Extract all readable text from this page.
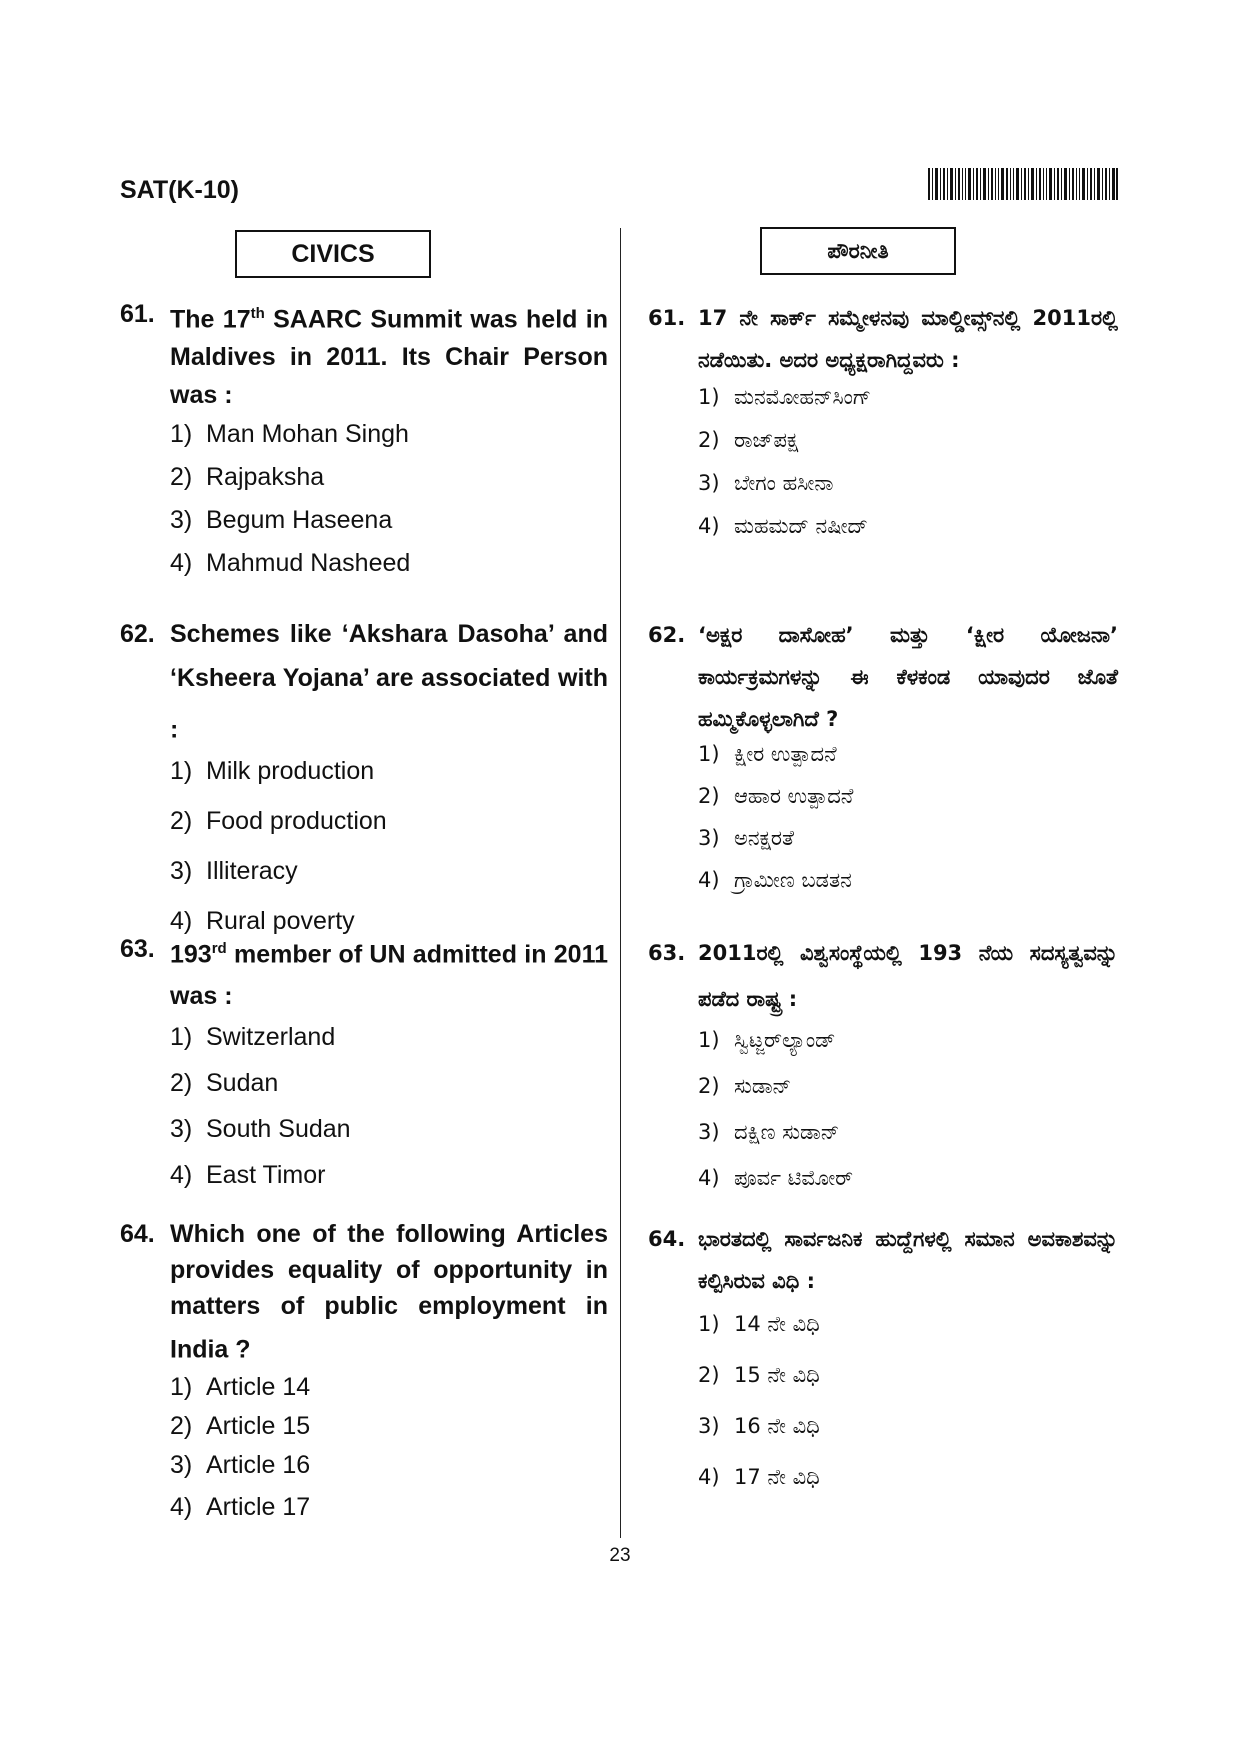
SAT(K-10)
CIVICS	ಪೌರನೀತಿ
61. The 17th SAARC Summit was held in Maldives in 2011. Its Chair Person was :
1) Man Mohan Singh
2) Rajpaksha
3) Begum Haseena
4) Mahmud Nasheed
62. Schemes like ‘Akshara Dasoha’ and ‘Ksheera Yojana’ are associated with :
1) Milk production
2) Food production
3) Illiteracy
4) Rural poverty
63. 193rd member of UN admitted in 2011 was :
1) Switzerland
2) Sudan
3) South Sudan
4) East Timor
64. Which one of the following Articles provides equality of opportunity in matters of public employment in India ?
1) Article 14
2) Article 15
3) Article 16
4) Article 17
61. 17 ನೇ ಸಾರ್ಕ್ ಸಮ್ಮೇಳನವು ಮಾಲ್ಡೀವ್ಸ್‌ನಲ್ಲಿ 2011ರಲ್ಲಿ ನಡೆಯಿತು. ಅದರ ಅಧ್ಯಕ್ಷರಾಗಿದ್ದವರು :
1) ಮನಮೋಹನ್‌ಸಿಂಗ್
2) ರಾಜ್‌ಪಕ್ಷ
3) ಬೇಗಂ ಹಸೀನಾ
4) ಮಹಮದ್ ನಷೀದ್
62. ‘ಅಕ್ಷರ ದಾಸೋಹ’ ಮತ್ತು ‘ಕ್ಷೀರ ಯೋಜನಾ’ ಕಾರ್ಯಕ್ರಮಗಳನ್ನು ಈ ಕೆಳಕಂಡ ಯಾವುದರ ಜೊತೆ ಹಮ್ಮಿಕೊಳ್ಳಲಾಗಿದೆ ?
1) ಕ್ಷೀರ ಉತ್ಪಾದನೆ
2) ಆಹಾರ ಉತ್ಪಾದನೆ
3) ಅನಕ್ಷರತೆ
4) ಗ್ರಾಮೀಣ ಬಡತನ
63. 2011ರಲ್ಲಿ ವಿಶ್ವಸಂಸ್ಥೆಯಲ್ಲಿ 193 ನೆಯ ಸದಸ್ಯತ್ವವನ್ನು ಪಡೆದ ರಾಷ್ಟ್ರ :
1) ಸ್ವಿಟ್ಜರ್‌ಲ್ಯಾಂಡ್
2) ಸುಡಾನ್
3) ದಕ್ಷಿಣ ಸುಡಾನ್
4) ಪೂರ್ವ ಟಿಮೋರ್
64. ಭಾರತದಲ್ಲಿ ಸಾರ್ವಜನಿಕ ಹುದ್ದೆಗಳಲ್ಲಿ ಸಮಾನ ಅವಕಾಶವನ್ನು ಕಲ್ಪಿಸಿರುವ ವಿಧಿ :
1) 14 ನೇ ವಿಧಿ
2) 15 ನೇ ವಿಧಿ
3) 16 ನೇ ವಿಧಿ
4) 17 ನೇ ವಿಧಿ
23
